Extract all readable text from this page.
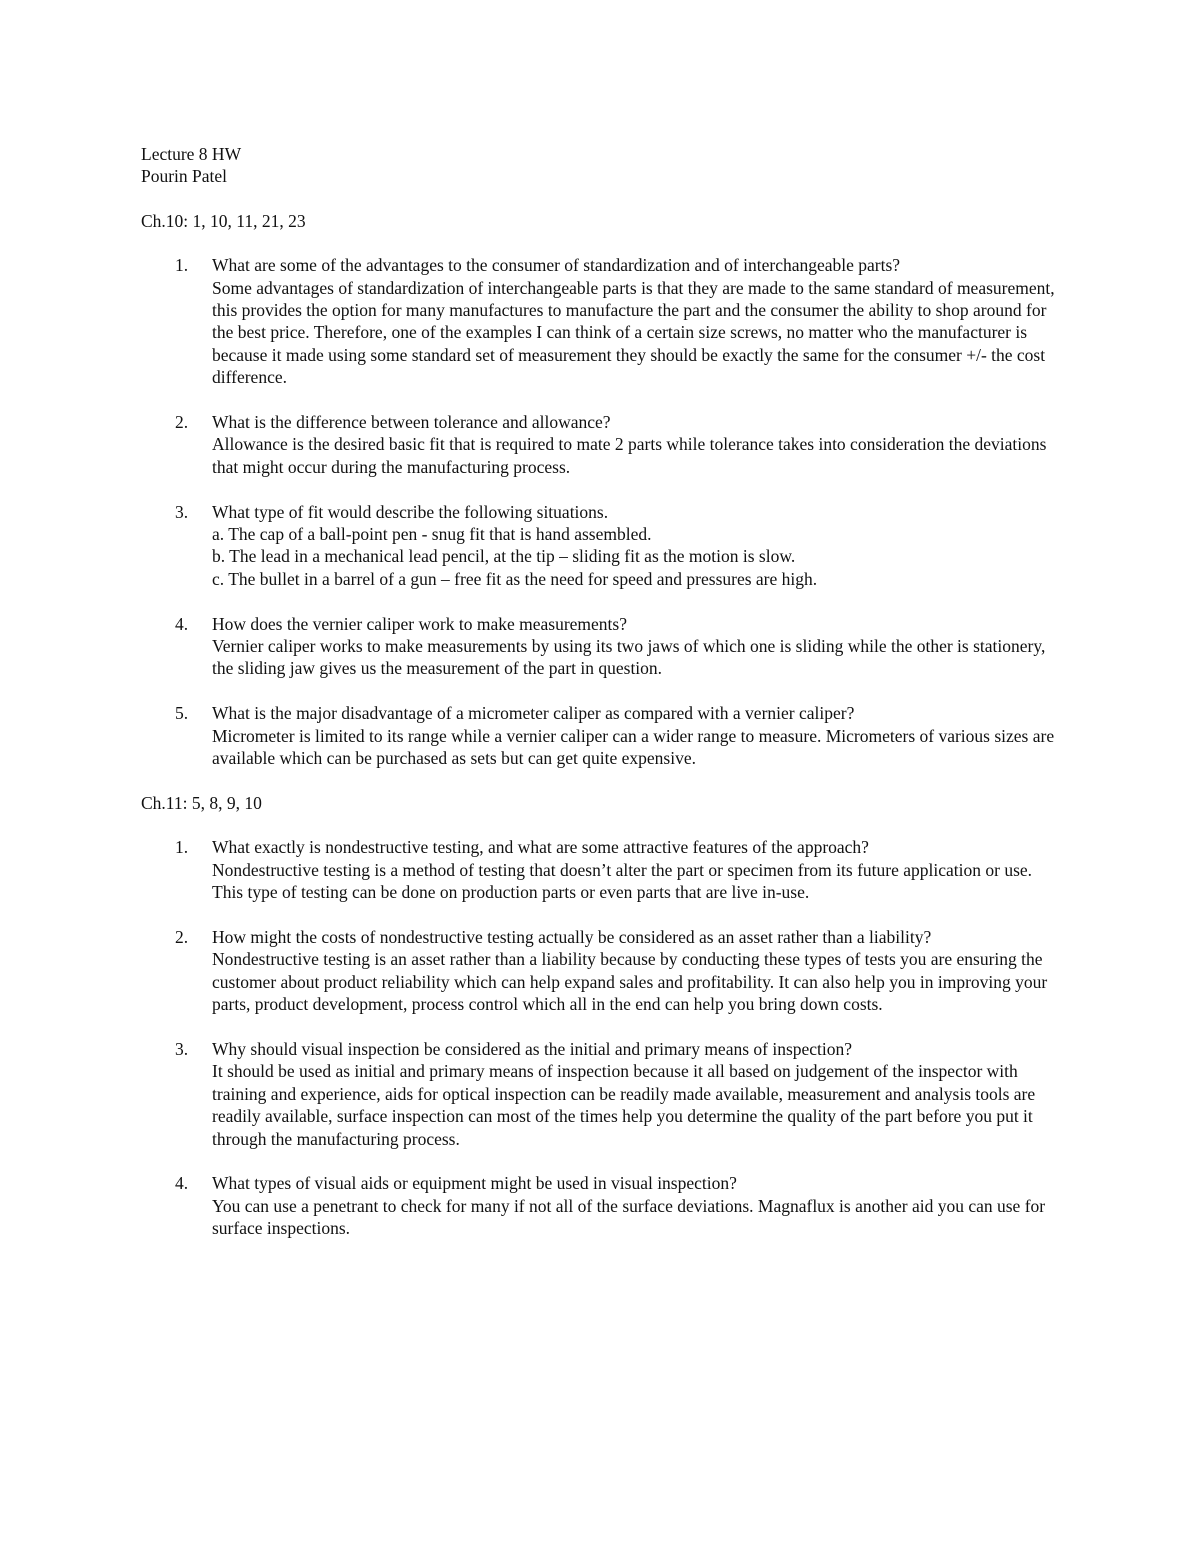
Lecture 8 HW
Pourin Patel
Ch.10: 1, 10, 11, 21, 23
1. What are some of the advantages to the consumer of standardization and of interchangeable parts?
Some advantages of standardization of interchangeable parts is that they are made to the same standard of measurement, this provides the option for many manufactures to manufacture the part and the consumer the ability to shop around for the best price. Therefore, one of the examples I can think of a certain size screws, no matter who the manufacturer is because it made using some standard set of measurement they should be exactly the same for the consumer +/- the cost difference.
2. What is the difference between tolerance and allowance?
Allowance is the desired basic fit that is required to mate 2 parts while tolerance takes into consideration the deviations that might occur during the manufacturing process.
3. What type of fit would describe the following situations.
a. The cap of a ball-point pen - snug fit that is hand assembled.
b. The lead in a mechanical lead pencil, at the tip – sliding fit as the motion is slow.
c. The bullet in a barrel of a gun – free fit as the need for speed and pressures are high.
4. How does the vernier caliper work to make measurements?
Vernier caliper works to make measurements by using its two jaws of which one is sliding while the other is stationery, the sliding jaw gives us the measurement of the part in question.
5. What is the major disadvantage of a micrometer caliper as compared with a vernier caliper?
Micrometer is limited to its range while a vernier caliper can a wider range to measure. Micrometers of various sizes are available which can be purchased as sets but can get quite expensive.
Ch.11: 5, 8, 9, 10
1. What exactly is nondestructive testing, and what are some attractive features of the approach?
Nondestructive testing is a method of testing that doesn’t alter the part or specimen from its future application or use. This type of testing can be done on production parts or even parts that are live in-use.
2. How might the costs of nondestructive testing actually be considered as an asset rather than a liability?
Nondestructive testing is an asset rather than a liability because by conducting these types of tests you are ensuring the customer about product reliability which can help expand sales and profitability. It can also help you in improving your parts, product development, process control which all in the end can help you bring down costs.
3. Why should visual inspection be considered as the initial and primary means of inspection?
It should be used as initial and primary means of inspection because it all based on judgement of the inspector with training and experience, aids for optical inspection can be readily made available, measurement and analysis tools are readily available, surface inspection can most of the times help you determine the quality of the part before you put it through the manufacturing process.
4. What types of visual aids or equipment might be used in visual inspection?
You can use a penetrant to check for many if not all of the surface deviations. Magnaflux is another aid you can use for surface inspections.
